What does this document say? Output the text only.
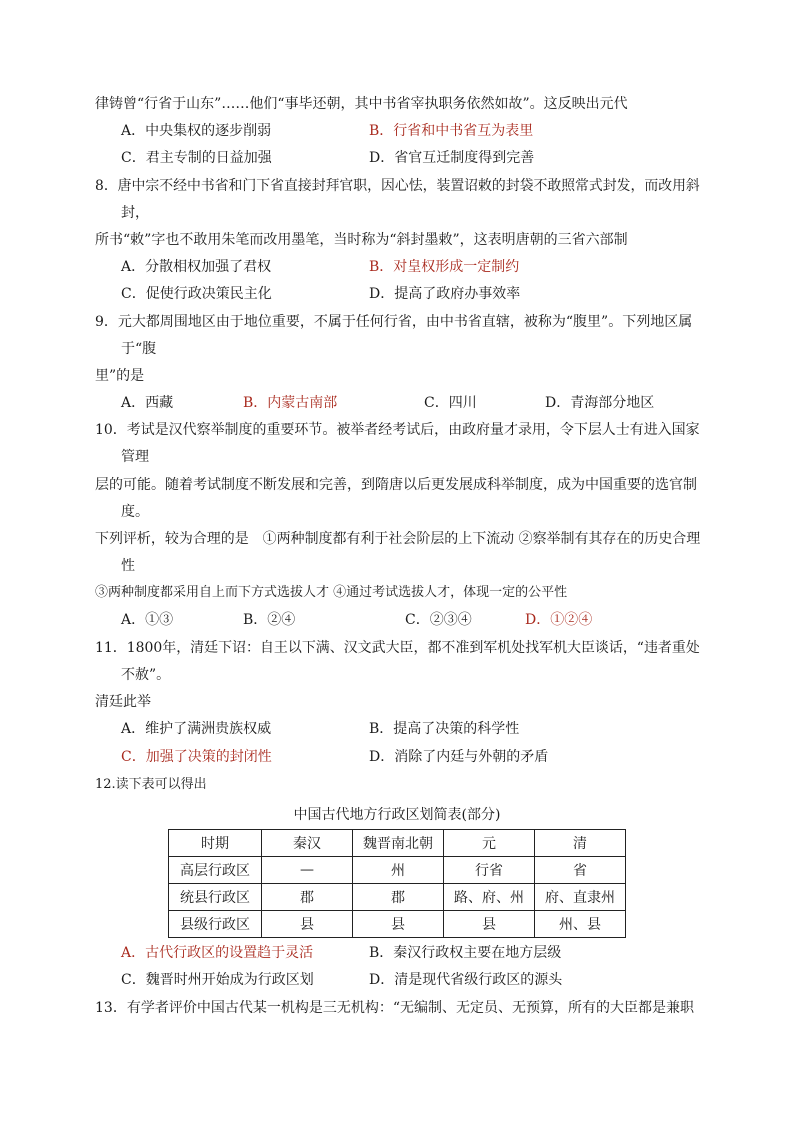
律铸曾“行省于山东”……他们“事毕还朝，其中书省宰执职务依然如故”。这反映出元代
A．中央集权的逐步削弱	B．行省和中书省互为表里
C．君主专制的日益加强	D．省官互迁制度得到完善
8．唐中宗不经中书省和门下省直接封拜官职，因心怯，装置诏敕的封袋不敢照常式封发，而改用斜
封，
所书“敕”字也不敢用朱笔而改用墨笔，当时称为“斜封墨敕”，这表明唐朝的三省六部制
A．分散相权加强了君权	B．对皇权形成一定制约
C．促使行政决策民主化	D．提高了政府办事效率
9．元大都周围地区由于地位重要，不属于任何行省，由中书省直辖，被称为“腹里”。下列地区属
于“腹
里”的是
A．西藏	B．内蒙古南部	C．四川	D．青海部分地区
10．考试是汉代察举制度的重要环节。被举者经考试后，由政府量才录用，令下层人士有进入国家
管理
层的可能。随着考试制度不断发展和完善，到隋唐以后更发展成科举制度，成为中国重要的选官制
度。
下列评析，较为合理的是　①两种制度都有利于社会阶层的上下流动 ②察举制有其存在的历史合理
性
③两种制度都采用自上而下方式选拔人才 ④通过考试选拔人才，体现一定的公平性
A．①③	B．②④	C．②③④	D．①②④
11．1800年，清廷下诏：自王以下满、汉文武大臣，都不准到军机处找军机大臣谈话，“违者重处
不赦”。
清廷此举
A．维护了满洲贵族权威	B．提高了决策的科学性
C．加强了决策的封闭性	D．消除了内廷与外朝的矛盾
12.读下表可以得出
中国古代地方行政区划简表(部分)
时期	秦汉	魏晋南北朝	元	清
高层行政区	—	州	行省	省
统县行政区	郡	郡	路、府、州	府、直隶州
县级行政区	县	县	县	州、县
A．古代行政区的设置趋于灵活	B．秦汉行政权主要在地方层级
C．魏晋时州开始成为行政区划	D．清是现代省级行政区的源头
13．有学者评价中国古代某一机构是三无机构：“无编制、无定员、无预算，所有的大臣都是兼职
